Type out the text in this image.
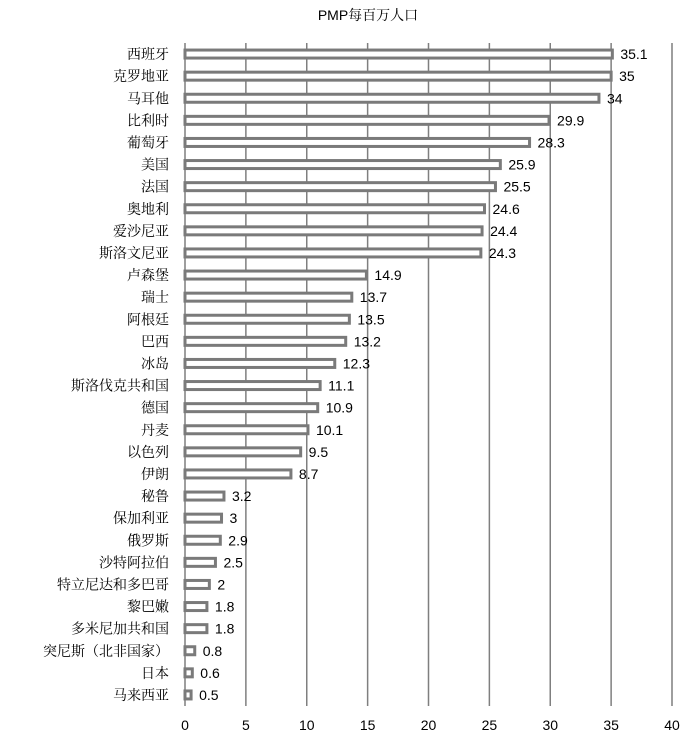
PMP每百万人口
西班牙
克罗地亚
马耳他
比利时
葡萄牙
美国
法国
奥地利
爱沙尼亚
斯洛文尼亚
卢森堡
瑞士
阿根廷
巴西
冰岛
斯洛伐克共和国
德国
丹麦
以色列
伊朗
秘鲁
保加利亚
俄罗斯
沙特阿拉伯
特立尼达和多巴哥
黎巴嫩
多米尼加共和国
突尼斯（北非国家）
日本
马来西亚
35.1
35
34
29.9
28.3
25.9
25.5
24.6
24.4
24.3
14.9
13.7
13.5
13.2
12.3
11.1
10.9
10.1
9.5
8.7
3.2
3
2.9
2.5
2
1.8
1.8
0.8
0.6
0.5
0	5	10	15	20	25	30	35	40
